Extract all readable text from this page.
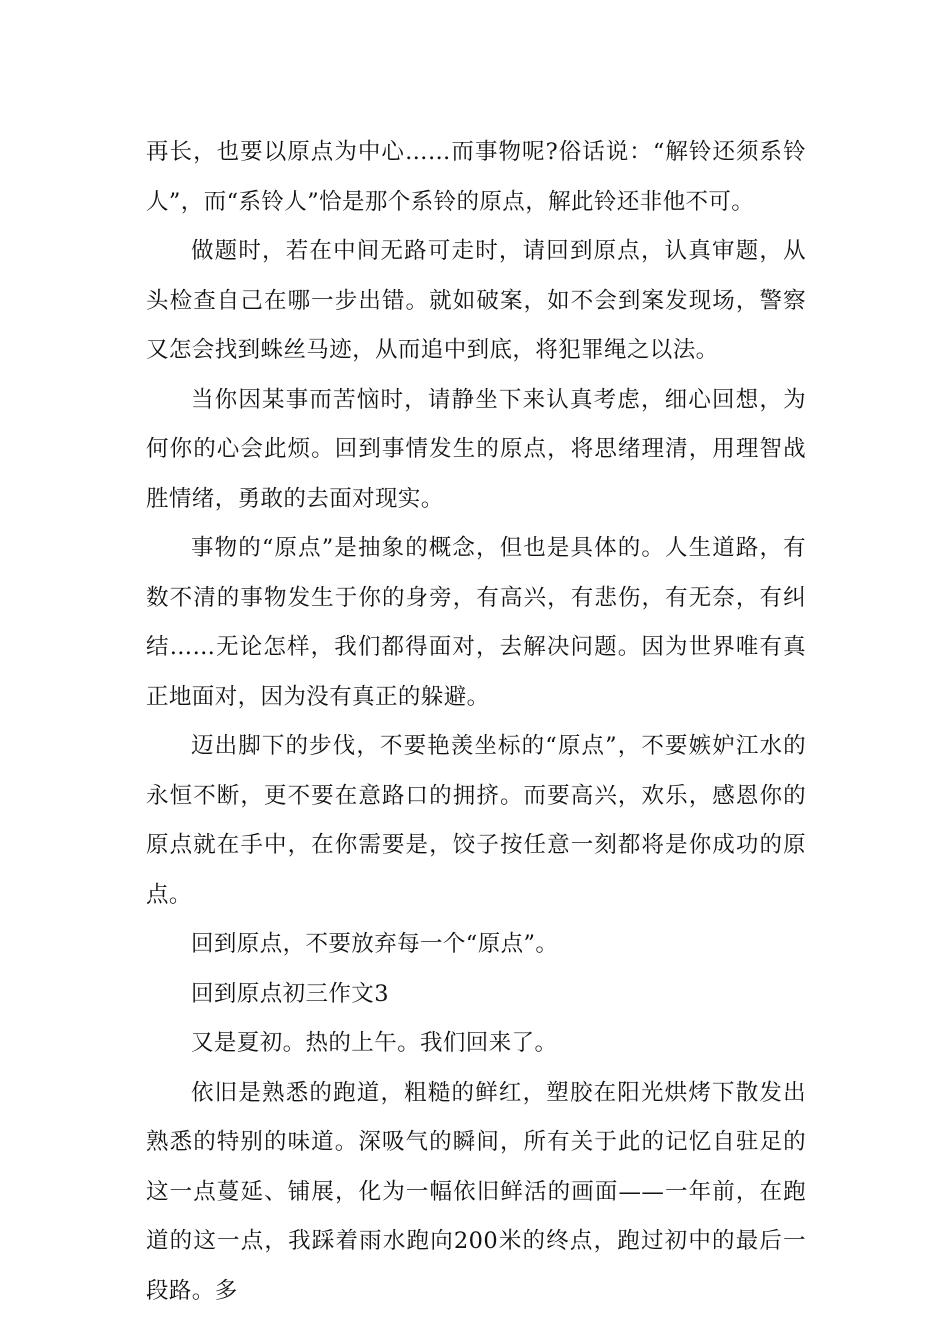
再长，也要以原点为中心……而事物呢?俗话说：“解铃还须系铃人”，而“系铃人”恰是那个系铃的原点，解此铃还非他不可。

做题时，若在中间无路可走时，请回到原点，认真审题，从头检查自己在哪一步出错。就如破案，如不会到案发现场，警察又怎会找到蛛丝马迹，从而追中到底，将犯罪绳之以法。

当你因某事而苦恼时，请静坐下来认真考虑，细心回想，为何你的心会此烦。回到事情发生的原点，将思绪理清，用理智战胜情绪，勇敢的去面对现实。

事物的“原点”是抽象的概念，但也是具体的。人生道路，有数不清的事物发生于你的身旁，有高兴，有悲伤，有无奈，有纠结……无论怎样，我们都得面对，去解决问题。因为世界唯有真正地面对，因为没有真正的躲避。

迈出脚下的步伐，不要艳羡坐标的“原点”，不要嫉妒江水的永恒不断，更不要在意路口的拥挤。而要高兴，欢乐，感恩你的原点就在手中，在你需要是，饺子按任意一刻都将是你成功的原点。

回到原点，不要放弃每一个“原点”。

回到原点初三作文3

又是夏初。热的上午。我们回来了。

依旧是熟悉的跑道，粗糙的鲜红，塑胶在阳光烘烤下散发出熟悉的特别的味道。深吸气的瞬间，所有关于此的记忆自驻足的这一点蔓延、铺展，化为一幅依旧鲜活的画面——一年前，在跑道的这一点，我踩着雨水跑向200米的终点，跑过初中的最后一段路。多
